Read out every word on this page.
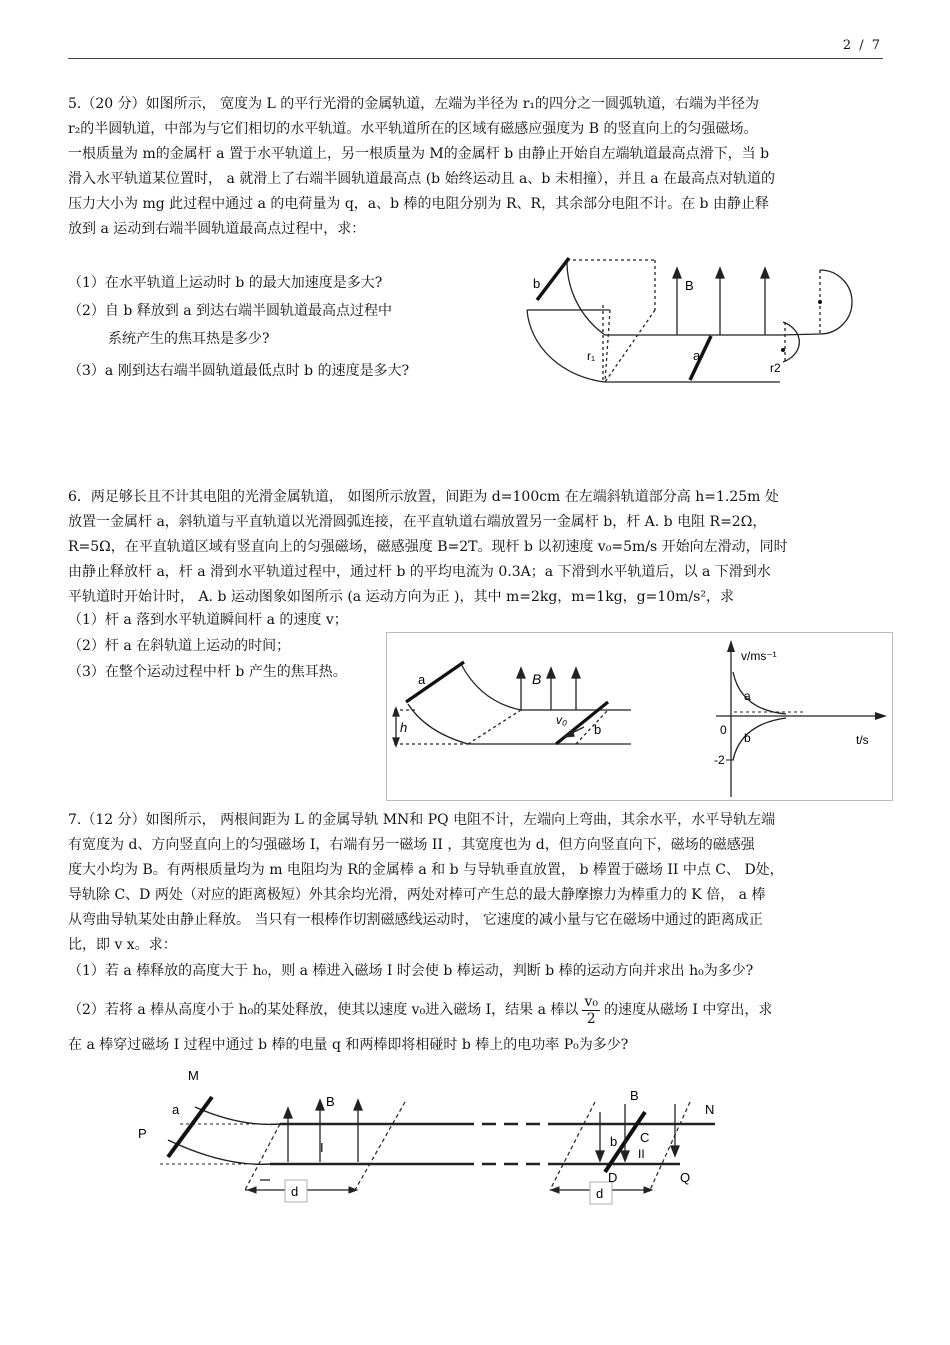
2 / 7
5.（20 分）如图所示， 宽度为 L 的平行光滑的金属轨道，左端为半径为 r₁的四分之一圆弧轨道，右端为半径为
r₂的半圆轨道，中部为与它们相切的水平轨道。水平轨道所在的区域有磁感应强度为 B 的竖直向上的匀强磁场。
一根质量为 m的金属杆 a 置于水平轨道上，另一根质量为 M的金属杆 b 由静止开始自左端轨道最高点滑下，当 b
滑入水平轨道某位置时， a 就滑上了右端半圆轨道最高点 (b 始终运动且 a、b 未相撞），并且 a 在最高点对轨道的
压力大小为 mg 此过程中通过 a 的电荷量为 q，a、b 棒的电阻分别为 R、R，其余部分电阻不计。在 b 由静止释
放到 a 运动到右端半圆轨道最高点过程中，求：
（1）在水平轨道上运动时 b 的最大加速度是多大?
（2）自 b 释放到 a 到达右端半圆轨道最高点过程中
系统产生的焦耳热是多少?
（3）a 刚到达右端半圆轨道最低点时 b 的速度是多大?
b	B
r₁	a
r2
6．两足够长且不计其电阻的光滑金属轨道， 如图所示放置，间距为 d=100cm 在左端斜轨道部分高 h=1.25m 处
放置一金属杆 a，斜轨道与平直轨道以光滑圆弧连接，在平直轨道右端放置另一金属杆 b，杆 A. b 电阻 R=2Ω，
R=5Ω，在平直轨道区域有竖直向上的匀强磁场，磁感强度 B=2T。现杆 b 以初速度 v₀=5m/s 开始向左滑动，同时
由静止释放杆 a，杆 a 滑到水平轨道过程中，通过杆 b 的平均电流为 0.3A；a 下滑到水平轨道后，以 a 下滑到水
平轨道时开始计时， A. b 运动图象如图所示 (a 运动方向为正 )，其中 m=2kg，m=1kg，g=10m/s²，求
（1）杆 a 落到水平轨道瞬间杆 a 的速度 v；
（2）杆 a 在斜轨道上运动的时间；
（3）在整个运动过程中杆 b 产生的焦耳热。	a	B
h	v₀
b
v/ms⁻¹
a
0
b
-2
t/s
7.（12 分）如图所示， 两根间距为 L 的金属导轨 MN和 PQ 电阻不计，左端向上弯曲，其余水平，水平导轨左端
有宽度为 d、方向竖直向上的匀强磁场 I，右端有另一磁场 II ，其宽度也为 d，但方向竖直向下，磁场的磁感强
度大小均为 B。有两根质量均为 m 电阻均为 R的金属棒 a 和 b 与导轨垂直放置， b 棒置于磁场 II 中点 C、 D处，
导轨除 C、D 两处（对应的距离极短）外其余均光滑，两处对棒可产生总的最大静摩擦力为棒重力的 K 倍， a 棒
从弯曲导轨某处由静止释放。 当只有一根棒作切割磁感线运动时， 它速度的减小量与它在磁场中通过的距离成正
比，即 v x。求：
（1）若 a 棒释放的高度大于 h₀，则 a 棒进入磁场 I 时会使 b 棒运动，判断 b 棒的运动方向并求出 h₀为多少?
（2）若将 a 棒从高度小于 h₀的某处释放，使其以速度 v₀进入磁场 I，结果 a 棒以 $\frac{\text{v₀}}{2}$ 的速度从磁场 I 中穿出，求
在 a 棒穿过磁场 I 过程中通过 b 棒的电量 q 和两棒即将相碰时 b 棒上的电功率 P₀为多少?
M
a
P
B
I
d
B
N
b C
II
D	Q
d
